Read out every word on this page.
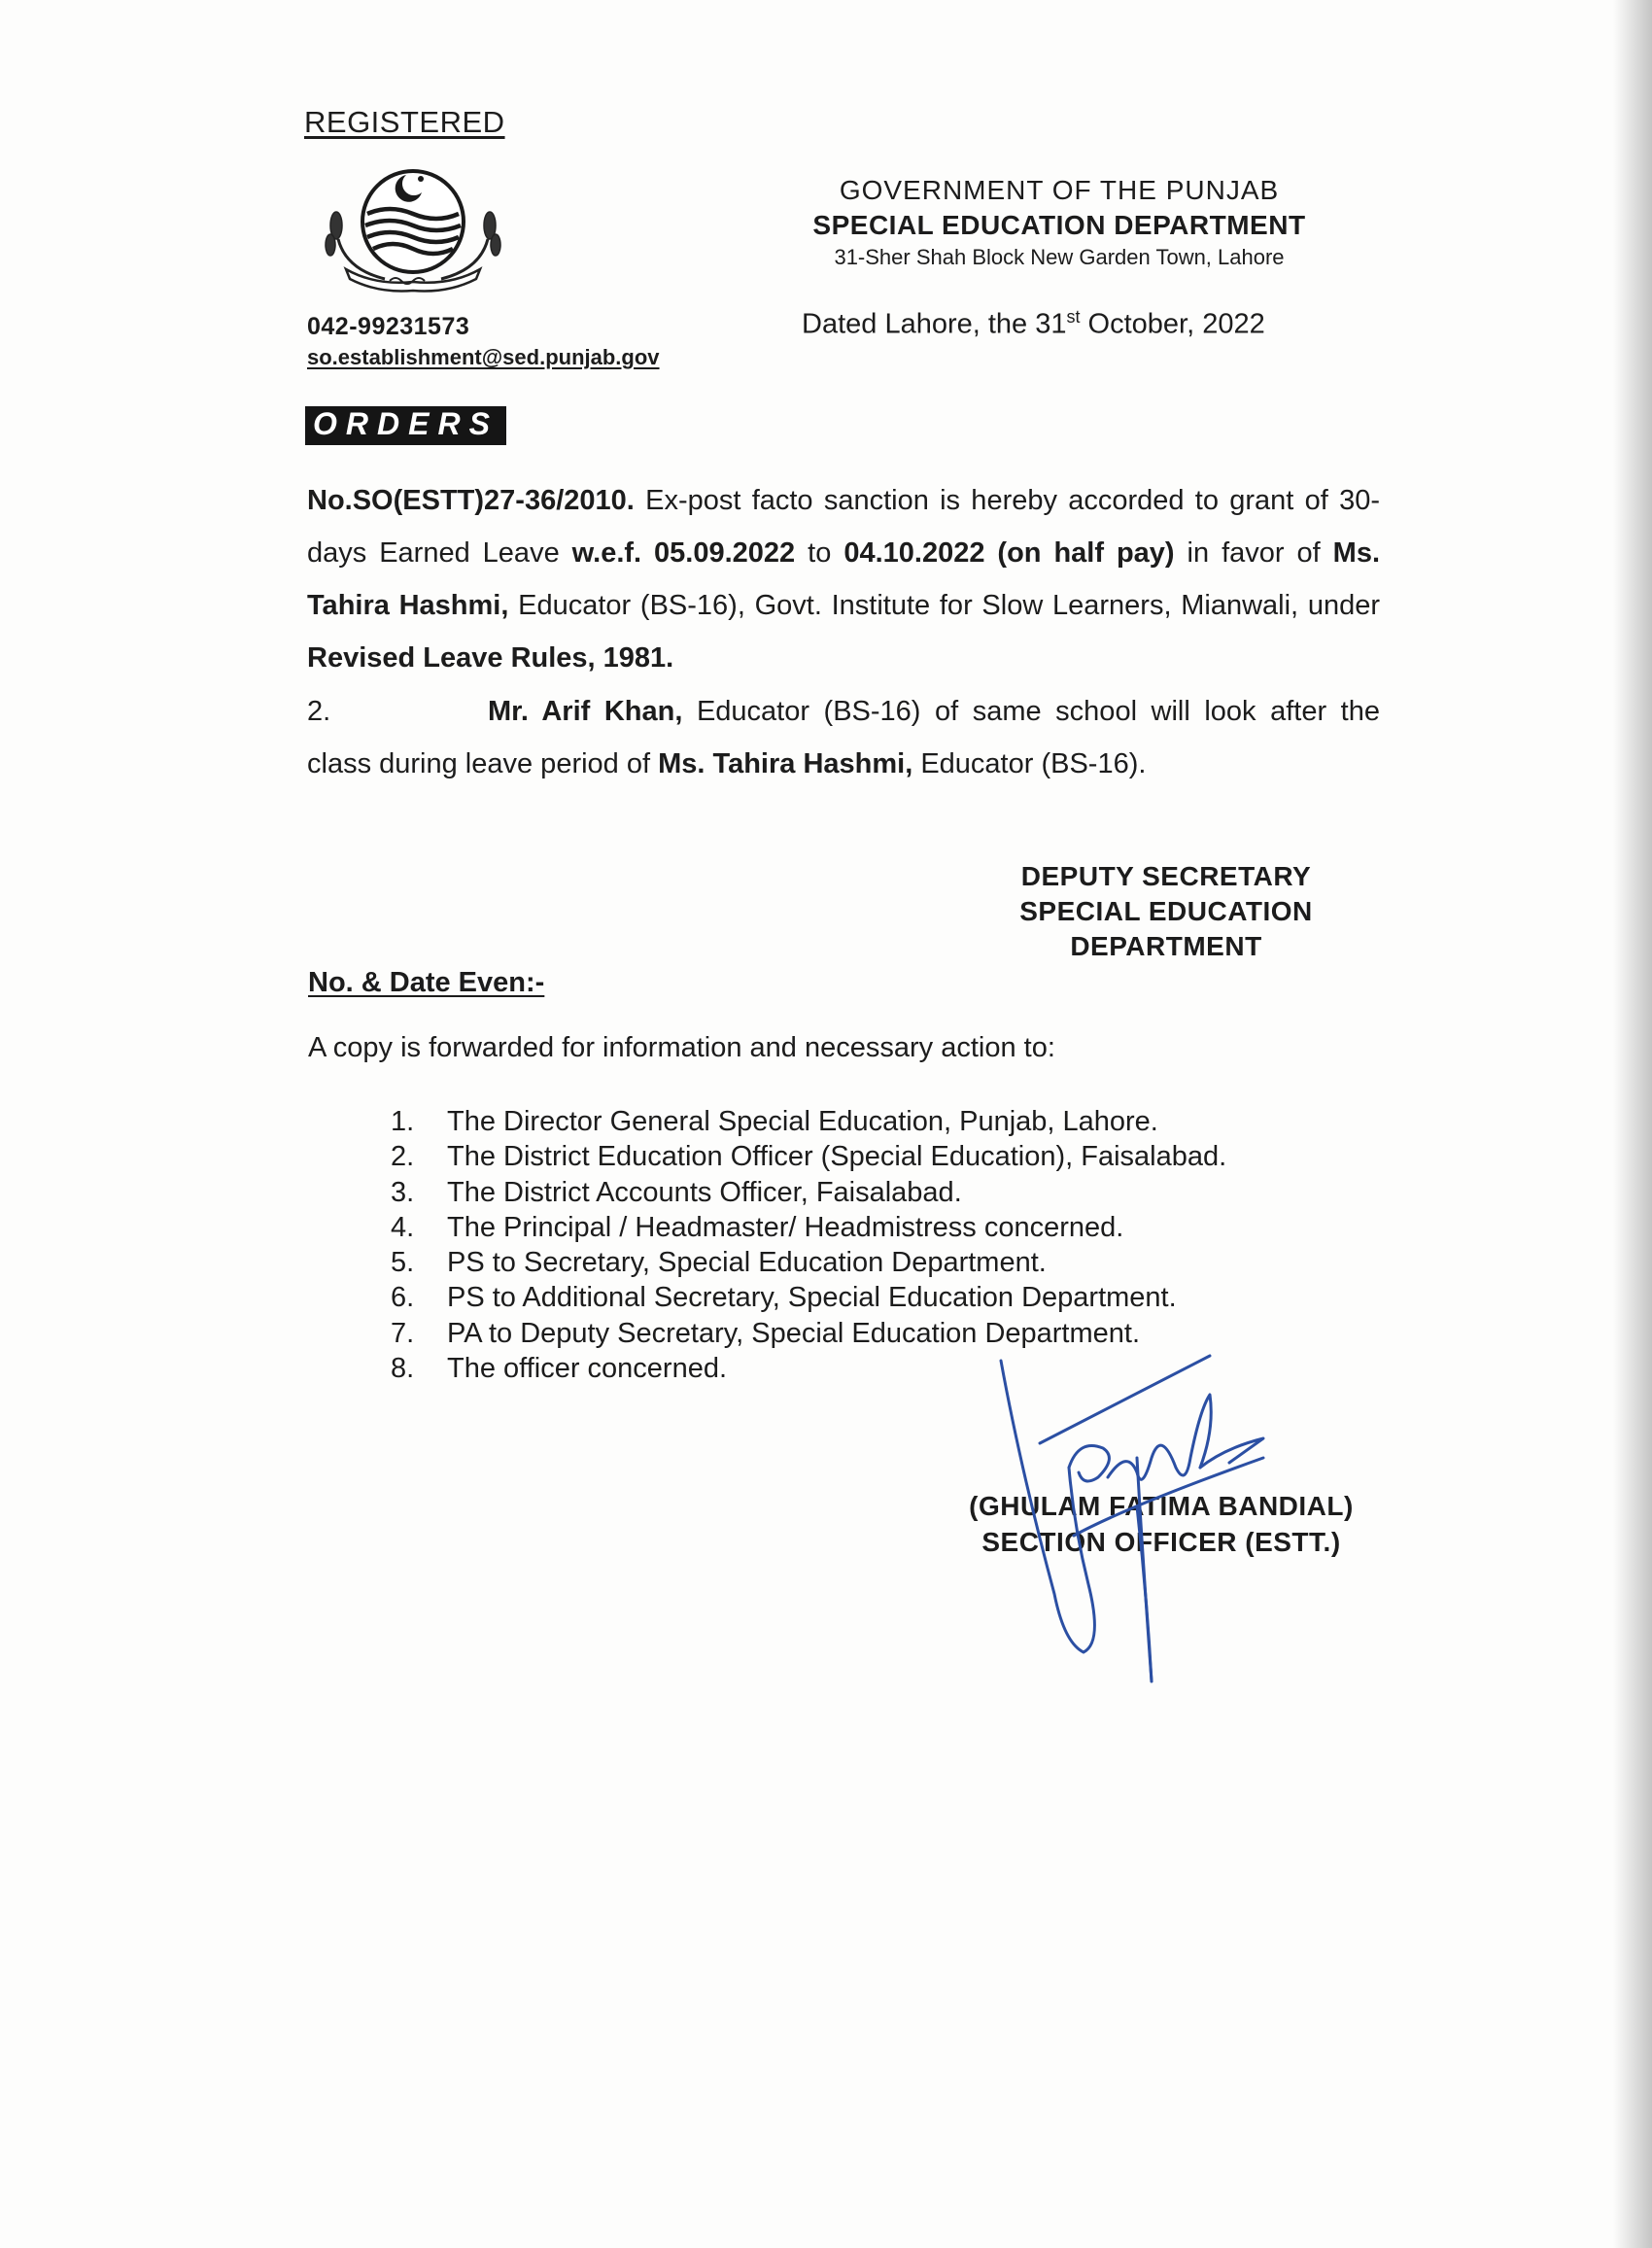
REGISTERED
042-99231573
so.establishment@sed.punjab.gov
GOVERNMENT OF THE PUNJAB
SPECIAL EDUCATION DEPARTMENT
31-Sher Shah Block New Garden Town, Lahore
Dated Lahore, the 31st October, 2022
ORDERS
No.SO(ESTT)27-36/2010. Ex-post facto sanction is hereby accorded to grant of 30-days Earned Leave w.e.f. 05.09.2022 to 04.10.2022 (on half pay) in favor of Ms. Tahira Hashmi, Educator (BS-16), Govt. Institute for Slow Learners, Mianwali, under Revised Leave Rules, 1981.
2.	Mr. Arif Khan, Educator (BS-16) of same school will look after the class during leave period of Ms. Tahira Hashmi, Educator (BS-16).
DEPUTY SECRETARY
SPECIAL EDUCATION
DEPARTMENT
No. & Date Even:-
A copy is forwarded for information and necessary action to:
1. The Director General Special Education, Punjab, Lahore.
2. The District Education Officer (Special Education), Faisalabad.
3. The District Accounts Officer, Faisalabad.
4. The Principal / Headmaster/ Headmistress concerned.
5. PS to Secretary, Special Education Department.
6. PS to Additional Secretary, Special Education Department.
7. PA to Deputy Secretary, Special Education Department.
8. The officer concerned.
(GHULAM FATIMA BANDIAL)
SECTION OFFICER (ESTT.)
